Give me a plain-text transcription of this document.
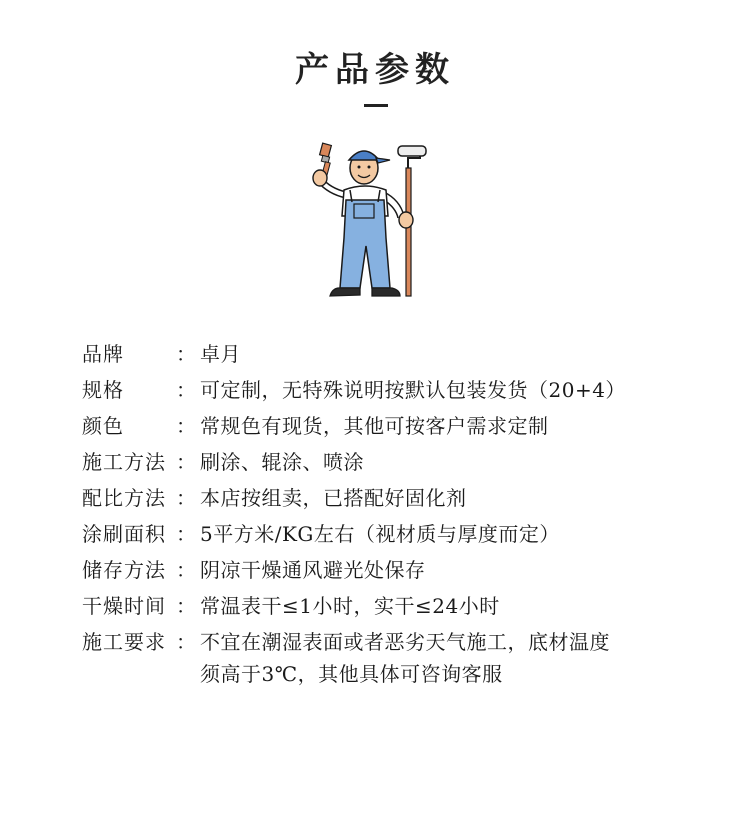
产品参数
品牌	： 卓月
规格	： 可定制，无特殊说明按默认包装发货（20+4）
颜色	： 常规色有现货，其他可按客户需求定制
施工方法 ： 刷涂、辊涂、喷涂
配比方法 ： 本店按组卖，已搭配好固化剂
涂刷面积 ： 5平方米/KG左右（视材质与厚度而定）
储存方法 ： 阴凉干燥通风避光处保存
干燥时间 ： 常温表干≤1小时，实干≤24小时
施工要求 ： 不宜在潮湿表面或者恶劣天气施工，底材温度
须高于3℃，其他具体可咨询客服
